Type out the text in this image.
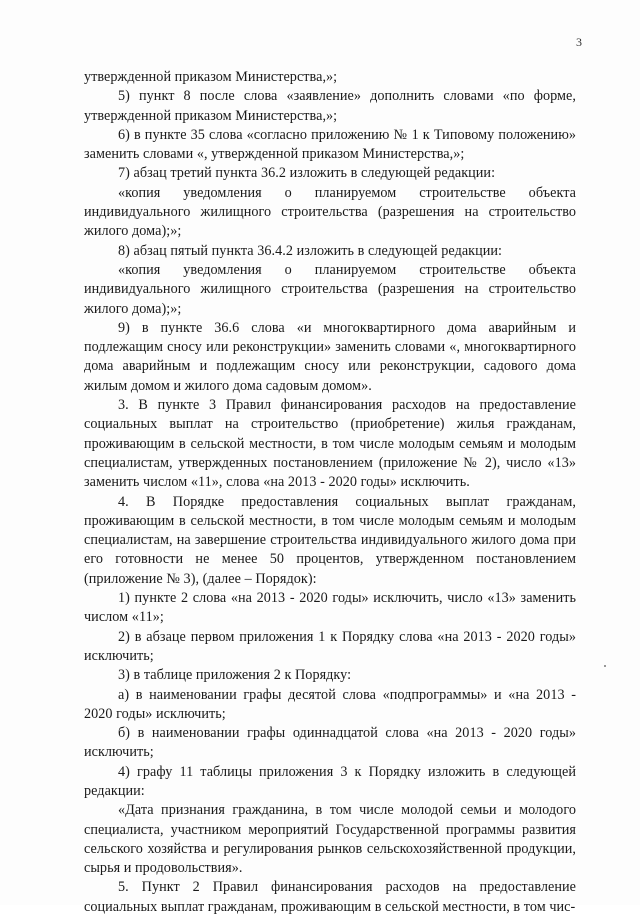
3

утвержденной приказом Министерства,»;

5) пункт 8 после слова «заявление» дополнить словами «по форме, утвержденной приказом Министерства,»;

6) в пункте 35 слова «согласно приложению № 1 к Типовому положению» заменить словами «, утвержденной приказом Министерства,»;

7) абзац третий пункта 36.2 изложить в следующей редакции:

«копия уведомления о планируемом строительстве объекта индивидуального жилищного строительства (разрешения на строительство жилого дома);»;

8) абзац пятый пункта 36.4.2 изложить в следующей редакции:

«копия уведомления о планируемом строительстве объекта индивидуального жилищного строительства (разрешения на строительство жилого дома);»;

9) в пункте 36.6 слова «и многоквартирного дома аварийным и подлежащим сносу или реконструкции» заменить словами «, многоквартирного дома аварийным и подлежащим сносу или реконструкции, садового дома жилым домом и жилого дома садовым домом».

3. В пункте 3 Правил финансирования расходов на предоставление социальных выплат на строительство (приобретение) жилья гражданам, проживающим в сельской местности, в том числе молодым семьям и молодым специалистам, утвержденных постановлением (приложение № 2), число «13» заменить числом «11», слова «на 2013 - 2020 годы» исключить.

4. В Порядке предоставления социальных выплат гражданам, проживающим в сельской местности, в том числе молодым семьям и молодым специалистам, на завершение строительства индивидуального жилого дома при его готовности не менее 50 процентов, утвержденном постановлением (приложение № 3), (далее – Порядок):

1) пункте 2 слова «на 2013 - 2020 годы» исключить, число «13» заменить числом «11»;

2) в абзаце первом приложения 1 к Порядку слова «на 2013 - 2020 годы» исключить;

3) в таблице приложения 2 к Порядку:

а) в наименовании графы десятой слова «подпрограммы» и «на 2013 - 2020 годы» исключить;

б) в наименовании графы одиннадцатой слова «на 2013 - 2020 годы» исключить;

4) графу 11 таблицы приложения 3 к Порядку изложить в следующей редакции:

«Дата признания гражданина, в том числе молодой семьи и молодого специалиста, участником мероприятий Государственной программы развития сельского хозяйства и регулирования рынков сельскохозяйственной продукции, сырья и продовольствия».

5. Пункт 2 Правил финансирования расходов на предоставление социальных выплат гражданам, проживающим в сельской местности, в том чис-
